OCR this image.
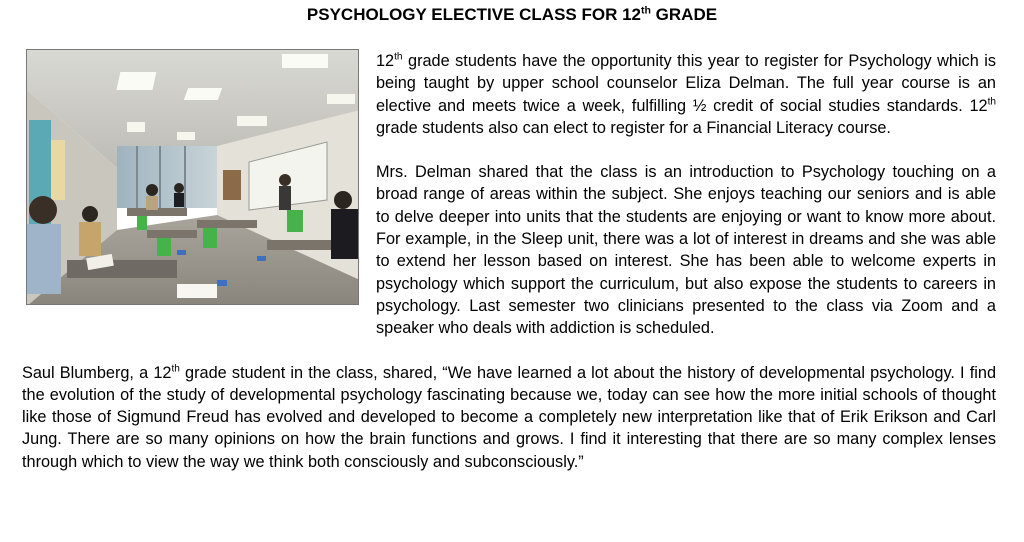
PSYCHOLOGY ELECTIVE CLASS FOR 12th GRADE

12th grade students have the opportunity this year to register for Psychology which is being taught by upper school counselor Eliza Delman. The full year course is an elective and meets twice a week, fulfilling ½ credit of social studies standards. 12th grade students also can elect to register for a Financial Literacy course.

Mrs. Delman shared that the class is an introduction to Psychology touching on a broad range of areas within the subject. She enjoys teaching our seniors and is able to delve deeper into units that the students are enjoying or want to know more about. For example, in the Sleep unit, there was a lot of interest in dreams and she was able to extend her lesson based on interest. She has been able to welcome experts in psychology which support the curriculum, but also expose the students to careers in psychology. Last semester two clinicians presented to the class via Zoom and a speaker who deals with addiction is scheduled.

Saul Blumberg, a 12th grade student in the class, shared, “We have learned a lot about the history of developmental psychology. I find the evolution of the study of developmental psychology fascinating because we, today can see how the more initial schools of thought like those of Sigmund Freud has evolved and developed to become a completely new interpretation like that of Erik Erikson and Carl Jung. There are so many opinions on how the brain functions and grows. I find it interesting that there are so many complex lenses through which to view the way we think both consciously and subconsciously.”
